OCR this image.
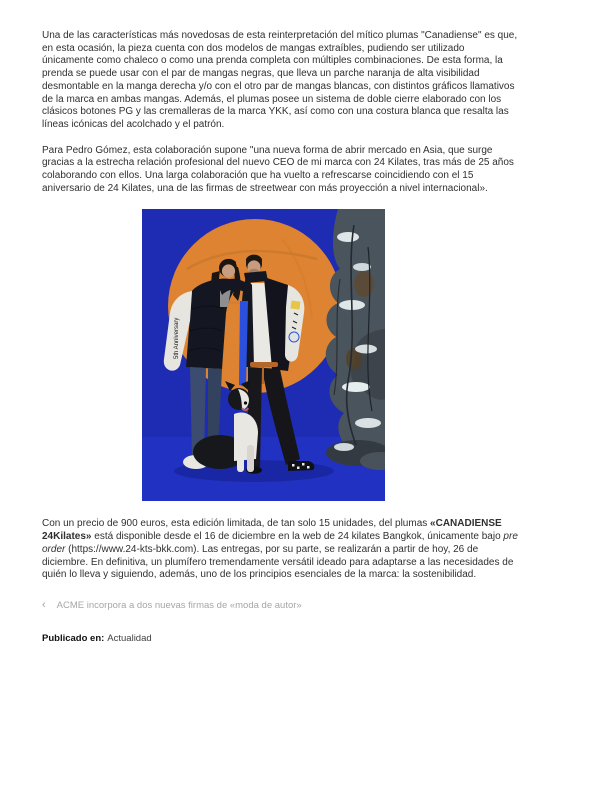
Una de las características más novedosas de esta reinterpretación del mítico plumas "Canadiense" es que, en esta ocasión, la pieza cuenta con dos modelos de mangas extraíbles, pudiendo ser utilizado únicamente como chaleco o como una prenda completa con múltiples combinaciones. De esta forma, la prenda se puede usar con el par de mangas negras, que lleva un parche naranja de alta visibilidad desmontable en la manga derecha y/o con el otro par de mangas blancas, con distintos gráficos llamativos de la marca en ambas mangas. Además, el plumas posee un sistema de doble cierre elaborado con los clásicos botones PG y las cremalleras de la marca YKK, así como con una costura blanca que resalta las líneas icónicas del acolchado y el patrón.

Para Pedro Gómez, esta colaboración supone "una nueva forma de abrir mercado en Asia, que surge gracias a la estrecha relación profesional del nuevo CEO de mi marca con 24 Kilates, tras más de 25 años colaborando con ellos. Una larga colaboración que ha vuelto a refrescarse coincidiendo con el 15 aniversario de 24 Kilates, una de las firmas de streetwear con más proyección a nivel internacional».

5th Anniversary

Con un precio de 900 euros, esta edición limitada, de tan solo 15 unidades, del plumas «CANADIENSE 24Kilates» está disponible desde el 16 de diciembre en la web de 24 kilates Bangkok, únicamente bajo pre order (https://www.24-kts-bkk.com). Las entregas, por su parte, se realizarán a partir de hoy, 26 de diciembre. En definitiva, un plumífero tremendamente versátil ideado para adaptarse a las necesidades de quién lo lleva y siguiendo, además, uno de los principios esenciales de la marca: la sostenibilidad.

‹ ACME incorpora a dos nuevas firmas de «moda de autor»
Publicado en: Actualidad
